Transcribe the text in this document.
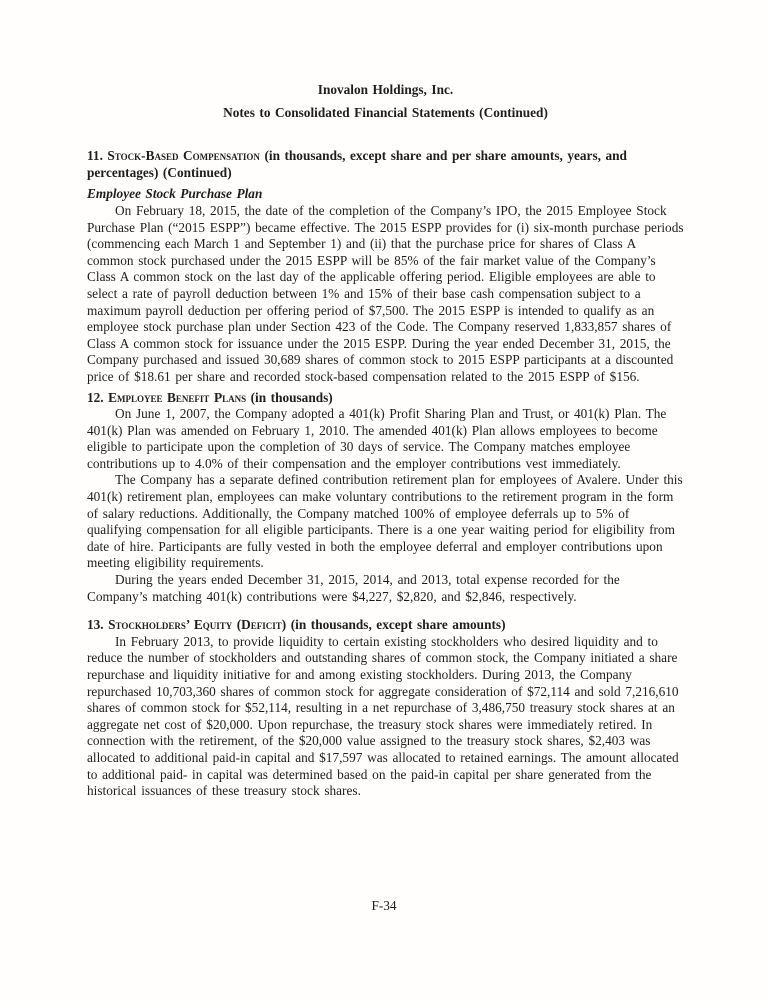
Inovalon Holdings, Inc.
Notes to Consolidated Financial Statements (Continued)

11. Stock-Based Compensation (in thousands, except share and per share amounts, years, and percentages) (Continued)

Employee Stock Purchase Plan

On February 18, 2015, the date of the completion of the Company’s IPO, the 2015 Employee Stock Purchase Plan (“2015 ESPP”) became effective. The 2015 ESPP provides for (i) six-month purchase periods (commencing each March 1 and September 1) and (ii) that the purchase price for shares of Class A common stock purchased under the 2015 ESPP will be 85% of the fair market value of the Company’s Class A common stock on the last day of the applicable offering period. Eligible employees are able to select a rate of payroll deduction between 1% and 15% of their base cash compensation subject to a maximum payroll deduction per offering period of $7,500. The 2015 ESPP is intended to qualify as an employee stock purchase plan under Section 423 of the Code. The Company reserved 1,833,857 shares of Class A common stock for issuance under the 2015 ESPP. During the year ended December 31, 2015, the Company purchased and issued 30,689 shares of common stock to 2015 ESPP participants at a discounted price of $18.61 per share and recorded stock-based compensation related to the 2015 ESPP of $156.

12. Employee Benefit Plans (in thousands)

On June 1, 2007, the Company adopted a 401(k) Profit Sharing Plan and Trust, or 401(k) Plan. The 401(k) Plan was amended on February 1, 2010. The amended 401(k) Plan allows employees to become eligible to participate upon the completion of 30 days of service. The Company matches employee contributions up to 4.0% of their compensation and the employer contributions vest immediately.

The Company has a separate defined contribution retirement plan for employees of Avalere. Under this 401(k) retirement plan, employees can make voluntary contributions to the retirement program in the form of salary reductions. Additionally, the Company matched 100% of employee deferrals up to 5% of qualifying compensation for all eligible participants. There is a one year waiting period for eligibility from date of hire. Participants are fully vested in both the employee deferral and employer contributions upon meeting eligibility requirements.

During the years ended December 31, 2015, 2014, and 2013, total expense recorded for the Company’s matching 401(k) contributions were $4,227, $2,820, and $2,846, respectively.

13. Stockholders’ Equity (Deficit) (in thousands, except share amounts)

In February 2013, to provide liquidity to certain existing stockholders who desired liquidity and to reduce the number of stockholders and outstanding shares of common stock, the Company initiated a share repurchase and liquidity initiative for and among existing stockholders. During 2013, the Company repurchased 10,703,360 shares of common stock for aggregate consideration of $72,114 and sold 7,216,610 shares of common stock for $52,114, resulting in a net repurchase of 3,486,750 treasury stock shares at an aggregate net cost of $20,000. Upon repurchase, the treasury stock shares were immediately retired. In connection with the retirement, of the $20,000 value assigned to the treasury stock shares, $2,403 was allocated to additional paid-in capital and $17,597 was allocated to retained earnings. The amount allocated to additional paid- in capital was determined based on the paid-in capital per share generated from the historical issuances of these treasury stock shares.

F-34
